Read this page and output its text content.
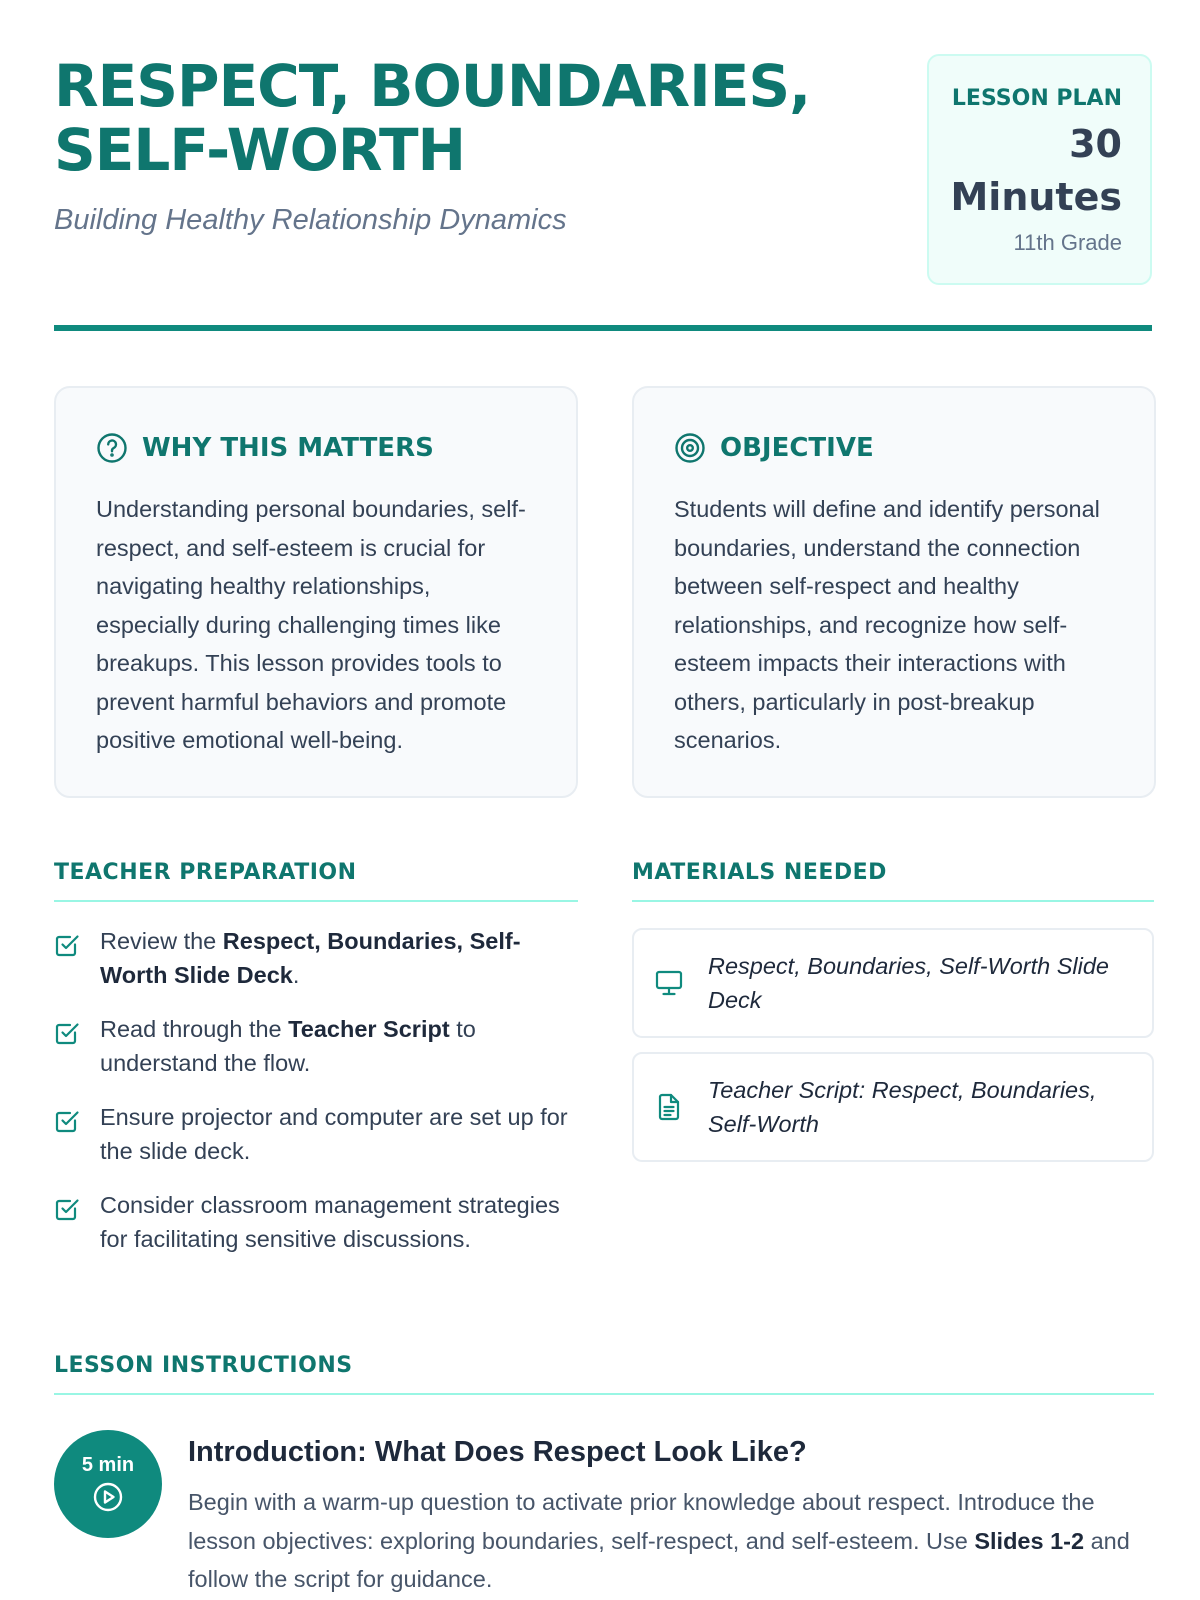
RESPECT, BOUNDARIES,
SELF-WORTH
Building Healthy Relationship Dynamics
LESSON PLAN
30
Minutes
11th Grade
WHY THIS MATTERS

Understanding personal boundaries, self-respect, and self-esteem is crucial for navigating healthy relationships, especially during challenging times like breakups. This lesson provides tools to prevent harmful behaviors and promote positive emotional well-being.

OBJECTIVE

Students will define and identify personal boundaries, understand the connection between self-respect and healthy relationships, and recognize how self-esteem impacts their interactions with others, particularly in post-breakup scenarios.

TEACHER PREPARATION
Review the Respect, Boundaries, Self-Worth Slide Deck.
Read through the Teacher Script to understand the flow.
Ensure projector and computer are set up for the slide deck.
Consider classroom management strategies for facilitating sensitive discussions.
MATERIALS NEEDED
Respect, Boundaries, Self-Worth Slide Deck
Teacher Script: Respect, Boundaries, Self-Worth
LESSON INSTRUCTIONS
5 min	Introduction: What Does Respect Look Like?

Begin with a warm-up question to activate prior knowledge about respect. Introduce the lesson objectives: exploring boundaries, self-respect, and self-esteem. Use Slides 1-2 and follow the script for guidance.
